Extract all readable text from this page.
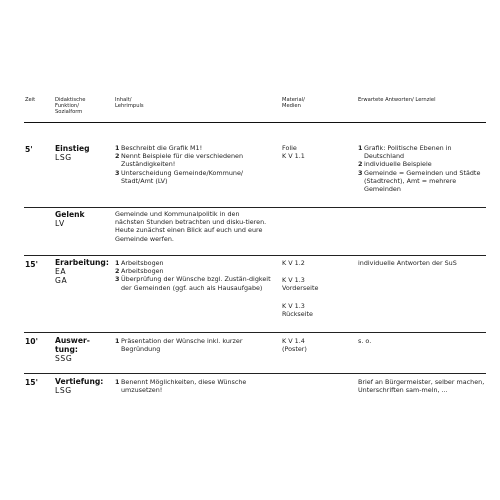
Zeit	Didaktische Funktion/ Sozialform
Inhalt/ Lehrimpuls
Material/ Medien
Erwartete Antworten/ Lernziel
5'	Einstieg
LSG
1 Beschreibt die Grafik M1!
2 Nennt Beispiele für die verschiedenen Zuständigkeiten!
3 Unterscheidung Gemeinde/Kommune/ Stadt/Amt (LV)
Folie
K V 1.1
1 Grafik: Politische Ebenen in Deutschland
2 individuelle Beispiele
3 Gemeinde = Gemeinden und Städte (Stadtrecht), Amt = mehrere Gemeinden
Gelenk
LV
Gemeinde und Kommunalpolitik in den nächsten Stunden betrachten und disku-tieren. Heute zunächst einen Blick auf euch und eure Gemeinde werfen.
15' Erarbeitung:
EA
GA
1 Arbeitsbogen
2 Arbeitsbogen
3 Überprüfung der Wünsche bzgl. Zustän-digkeit der Gemeinden (ggf. auch als Hausaufgabe)
K V 1.2
K V 1.3
Vorderseite
K V 1.3
Rückseite
individuelle Antworten der SuS
10' Auswer-
tung:
SSG
1 Präsentation der Wünsche inkl. kurzer Begründung
K V 1.4
(Poster)
s. o.
15' Vertiefung:
LSG
1 Benennt Möglichkeiten, diese Wünsche umzusetzen!
Brief an Bürgermeister, selber machen, Unterschriften sam-meln, ...
